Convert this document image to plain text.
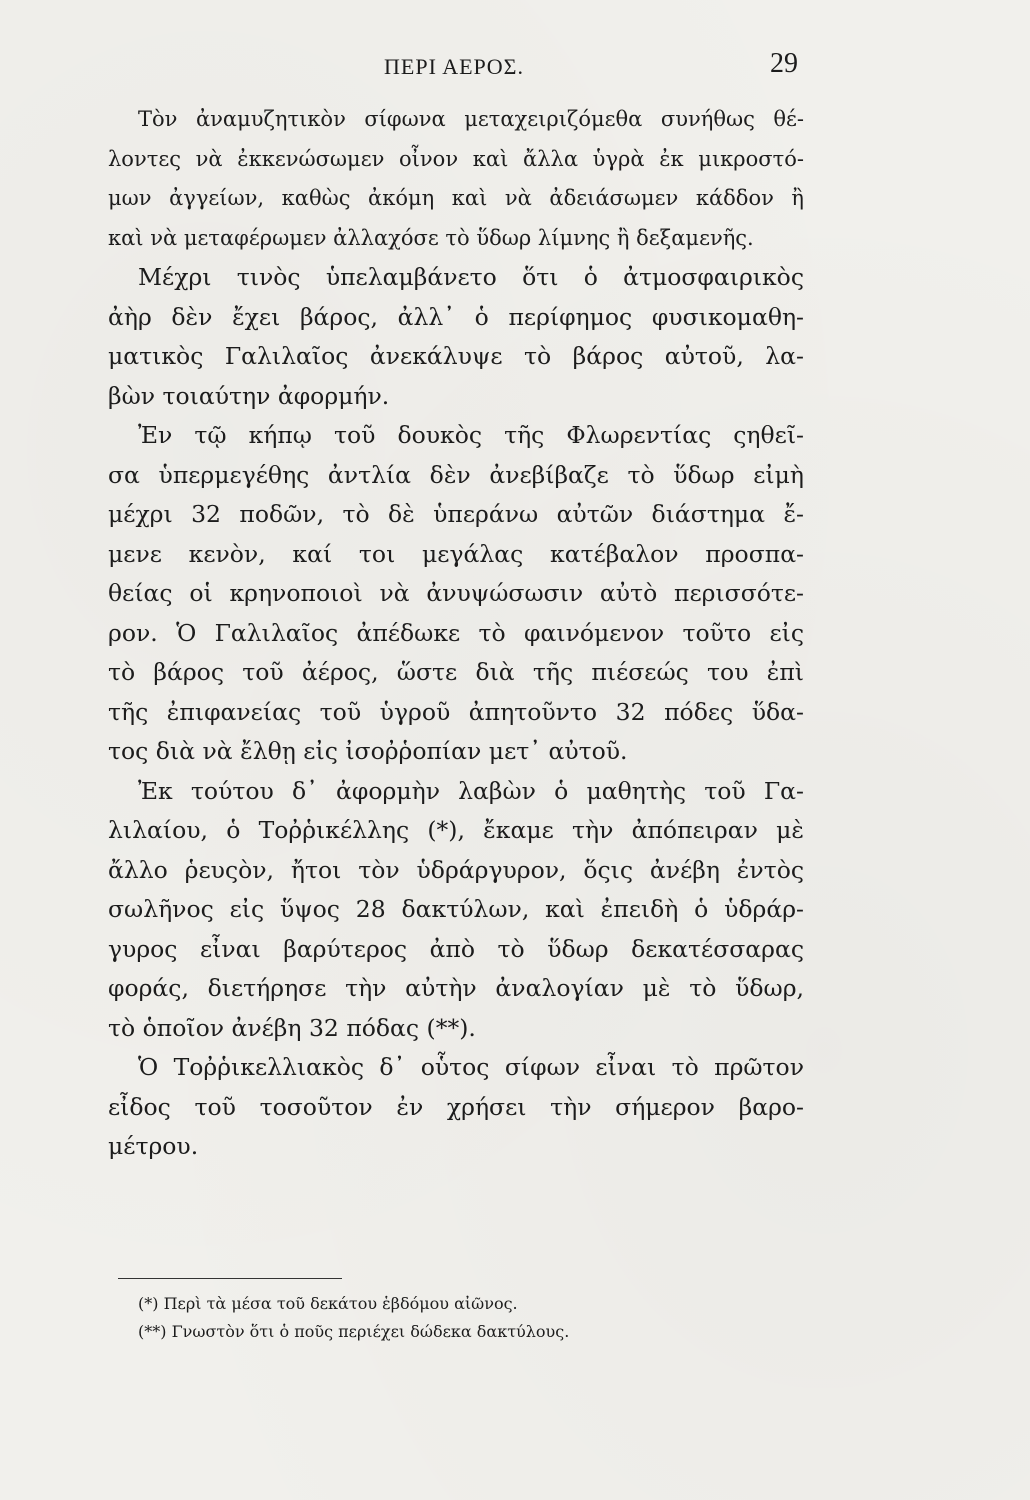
ΠΕΡΙ ΑΕΡΟΣ.	29
Τὸν ἀναμυζητικὸν σίφωνα μεταχειριζόμεθα συνήθως θέ-
λοντες νὰ ἐκκενώσωμεν οἶνον καὶ ἄλλα ὑγρὰ ἐκ μικροστό-
μων ἀγγείων, καθὼς ἀκόμη καὶ νὰ ἀδειάσωμεν κάδδον ἢ
καὶ νὰ μεταφέρωμεν ἀλλαχόσε τὸ ὕδωρ λίμνης ἢ δεξαμενῆς.
Μέχρι τινὸς ὑπελαμβάνετο ὅτι ὁ ἀτμοσφαιρικὸς
ἀὴρ δὲν ἔχει βάρος, ἀλλ᾽ ὁ περίφημος φυσικομαθη-
ματικὸς Γαλιλαῖος ἀνεκάλυψε τὸ βάρος αὐτοῦ, λα-
βὼν τοιαύτην ἀφορμήν.
Ἐν τῷ κήπῳ τοῦ δουκὸς τῆς Φλωρεντίας ςηθεῖ-
σα ὑπερμεγέθης ἀντλία δὲν ἀνεβίβαζε τὸ ὕδωρ εἰμὴ
μέχρι 32 ποδῶν, τὸ δὲ ὑπεράνω αὐτῶν διάστημα ἔ-
μενε κενὸν, καί τοι μεγάλας κατέβαλον προσπα-
θείας οἱ κρηνοποιοὶ νὰ ἀνυψώσωσιν αὐτὸ περισσότε-
ρον. Ὁ Γαλιλαῖος ἀπέδωκε τὸ φαινόμενον τοῦτο εἰς
τὸ βάρος τοῦ ἀέρος, ὥστε διὰ τῆς πιέσεώς του ἐπὶ
τῆς ἐπιφανείας τοῦ ὑγροῦ ἀπητοῦντο 32 πόδες ὕδα-
τος διὰ νὰ ἔλθῃ εἰς ἰσοῤῥοπίαν μετ᾽ αὐτοῦ.
Ἐκ τούτου δ᾽ ἀφορμὴν λαβὼν ὁ μαθητὴς τοῦ Γα-
λιλαίου, ὁ Τοῤῥικέλλης (*), ἔκαμε τὴν ἀπόπειραν μὲ
ἄλλο ῥευςὸν, ἤτοι τὸν ὑδράργυρον, ὅςις ἀνέβη ἐντὸς
σωλῆνος εἰς ὕψος 28 δακτύλων, καὶ ἐπειδὴ ὁ ὑδράρ-
γυρος εἶναι βαρύτερος ἀπὸ τὸ ὕδωρ δεκατέσσαρας
φοράς, διετήρησε τὴν αὐτὴν ἀναλογίαν μὲ τὸ ὕδωρ,
τὸ ὁποῖον ἀνέβη 32 πόδας (**).
Ὁ Τοῤῥικελλιακὸς δ᾽ οὗτος σίφων εἶναι τὸ πρῶτον
εἶδος τοῦ τοσοῦτον ἐν χρήσει τὴν σήμερον βαρο-
μέτρου.
(*) Περὶ τὰ μέσα τοῦ δεκάτου ἑβδόμου αἰῶνος.
(**) Γνωστὸν ὅτι ὁ ποῦς περιέχει δώδεκα δακτύλους.
